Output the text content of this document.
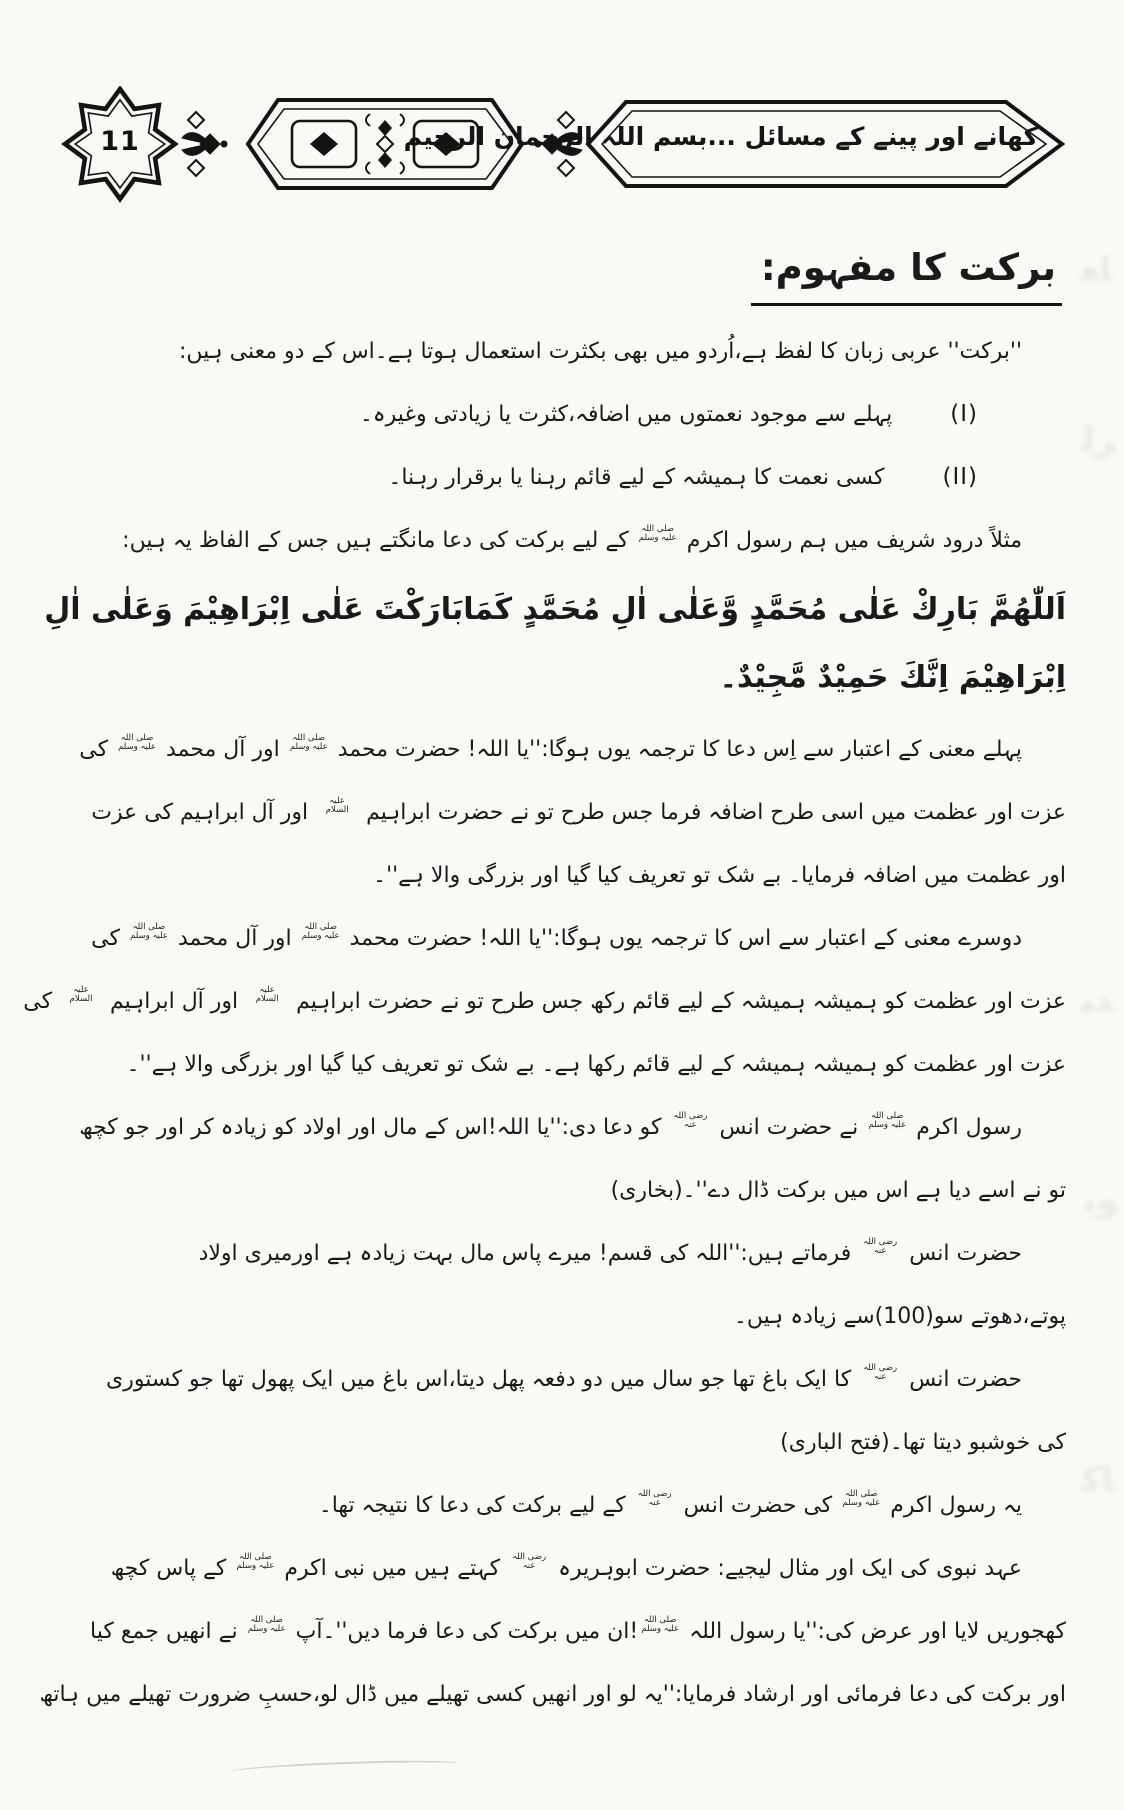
11	کھانے اور پینے کے مسائل ...بسم اللہ الرحمان الرحیم
برکت کا مفہوم:
''برکت'' عربی زبان کا لفظ ہے،اُردو میں بھی بکثرت استعمال ہوتا ہے۔اس کے دو معنی ہیں:
(I)پہلے سے موجود نعمتوں میں اضافہ،کثرت یا زیادتی وغیرہ۔
(II)کسی نعمت کا ہمیشہ کے لیے قائم رہنا یا برقرار رہنا۔
مثلاً درود شریف میں ہم رسول اکرم صلی اللہ علیہ وسلم کے لیے برکت کی دعا مانگتے ہیں جس کے الفاظ یہ ہیں:
اَللّٰهُمَّ بَارِكْ عَلٰى مُحَمَّدٍ وَّعَلٰى اٰلِ مُحَمَّدٍ كَمَابَارَكْتَ عَلٰى اِبْرَاهِيْمَ وَعَلٰى اٰلِ
اِبْرَاهِيْمَ اِنَّكَ حَمِيْدٌ مَّجِيْدٌ۔
پہلے معنی کے اعتبار سے اِس دعا کا ترجمہ یوں ہوگا:''یا اللہ! حضرت محمد صلی اللہ علیہ وسلم اور آل محمد صلی اللہ علیہ وسلم کی
عزت اور عظمت میں اسی طرح اضافہ فرما جس طرح تو نے حضرت ابراہیم علیہ السلام اور آل ابراہیم کی عزت
اور عظمت میں اضافہ فرمایا۔ بے شک تو تعریف کیا گیا اور بزرگی والا ہے''۔
دوسرے معنی کے اعتبار سے اس کا ترجمہ یوں ہوگا:''یا اللہ! حضرت محمد صلی اللہ علیہ وسلم اور آل محمد صلی اللہ علیہ وسلم کی
عزت اور عظمت کو ہمیشہ ہمیشہ کے لیے قائم رکھ جس طرح تو نے حضرت ابراہیم علیہ السلام اور آل ابراہیم علیہ السلام کی
عزت اور عظمت کو ہمیشہ ہمیشہ کے لیے قائم رکھا ہے۔ بے شک تو تعریف کیا گیا اور بزرگی والا ہے''۔
رسول اکرم صلی اللہ علیہ وسلم نے حضرت انس رضی اللہ عنہ کو دعا دی:''یا اللہ!اس کے مال اور اولاد کو زیادہ کر اور جو کچھ
تو نے اسے دیا ہے اس میں برکت ڈال دے''۔(بخاری)
حضرت انس رضی اللہ عنہ فرماتے ہیں:''اللہ کی قسم! میرے پاس مال بہت زیادہ ہے اورمیری اولاد
پوتے،دھوتے سو(100)سے زیادہ ہیں۔
حضرت انس رضی اللہ عنہ کا ایک باغ تھا جو سال میں دو دفعہ پھل دیتا،اس باغ میں ایک پھول تھا جو کستوری
کی خوشبو دیتا تھا۔(فتح الباری)
یہ رسول اکرم صلی اللہ علیہ وسلم کی حضرت انس رضی اللہ عنہ کے لیے برکت کی دعا کا نتیجہ تھا۔
عہد نبوی کی ایک اور مثال لیجیے: حضرت ابوہریرہ رضی اللہ عنہ کہتے ہیں میں نبی اکرم صلی اللہ علیہ وسلم کے پاس کچھ
کھجوریں لایا اور عرض کی:''یا رسول اللہ صلی اللہ علیہ وسلم!ان میں برکت کی دعا فرما دیں''۔آپ صلی اللہ علیہ وسلم نے انھیں جمع کیا
اور برکت کی دعا فرمائی اور ارشاد فرمایا:''یہ لو اور انھیں کسی تھیلے میں ڈال لو،حسبِ ضرورت تھیلے میں ہاتھ
ﺎﻌ
ﺮﻟ
ﺪﻴ
ﻮﺑ
ﺎﻛ
